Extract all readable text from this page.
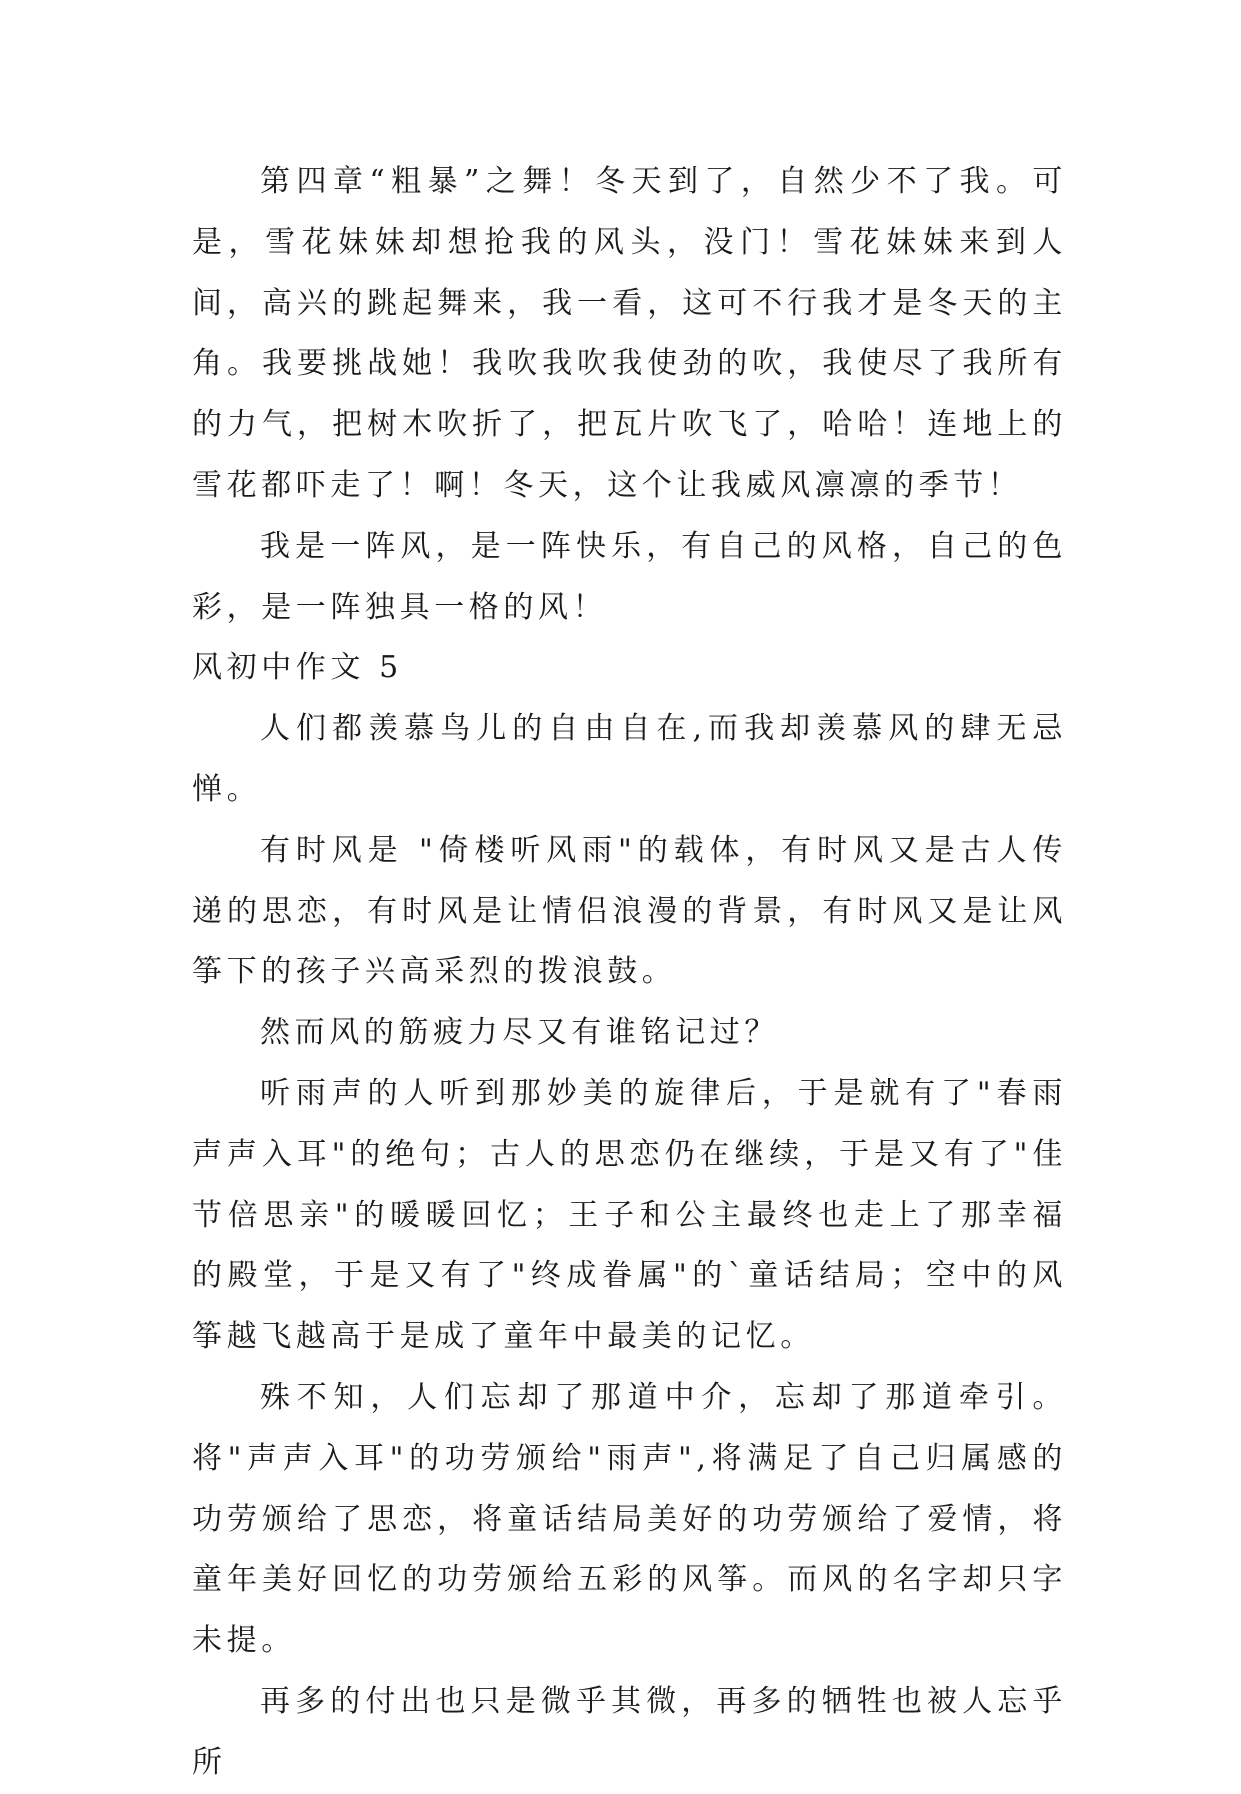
第四章“粗暴”之舞！冬天到了，自然少不了我。可是，雪花妹妹却想抢我的风头，没门！雪花妹妹来到人间，高兴的跳起舞来，我一看，这可不行我才是冬天的主角。我要挑战她！我吹我吹我使劲的吹，我使尽了我所有的力气，把树木吹折了，把瓦片吹飞了，哈哈！连地上的雪花都吓走了！啊！冬天，这个让我威风凛凛的季节！

我是一阵风，是一阵快乐，有自己的风格，自己的色彩，是一阵独具一格的风！

风初中作文 5

人们都羡慕鸟儿的自由自在,而我却羡慕风的肆无忌惮。

有时风是 "倚楼听风雨"的载体，有时风又是古人传递的思恋，有时风是让情侣浪漫的背景，有时风又是让风筝下的孩子兴高采烈的拨浪鼓。

然而风的筋疲力尽又有谁铭记过？

听雨声的人听到那妙美的旋律后，于是就有了"春雨声声入耳"的绝句；古人的思恋仍在继续，于是又有了"佳节倍思亲"的暖暖回忆；王子和公主最终也走上了那幸福的殿堂，于是又有了"终成眷属"的`童话结局；空中的风筝越飞越高于是成了童年中最美的记忆。

殊不知，人们忘却了那道中介，忘却了那道牵引。将"声声入耳"的功劳颁给"雨声",将满足了自己归属感的功劳颁给了思恋，将童话结局美好的功劳颁给了爱情，将童年美好回忆的功劳颁给五彩的风筝。而风的名字却只字未提。

再多的付出也只是微乎其微，再多的牺牲也被人忘乎所
